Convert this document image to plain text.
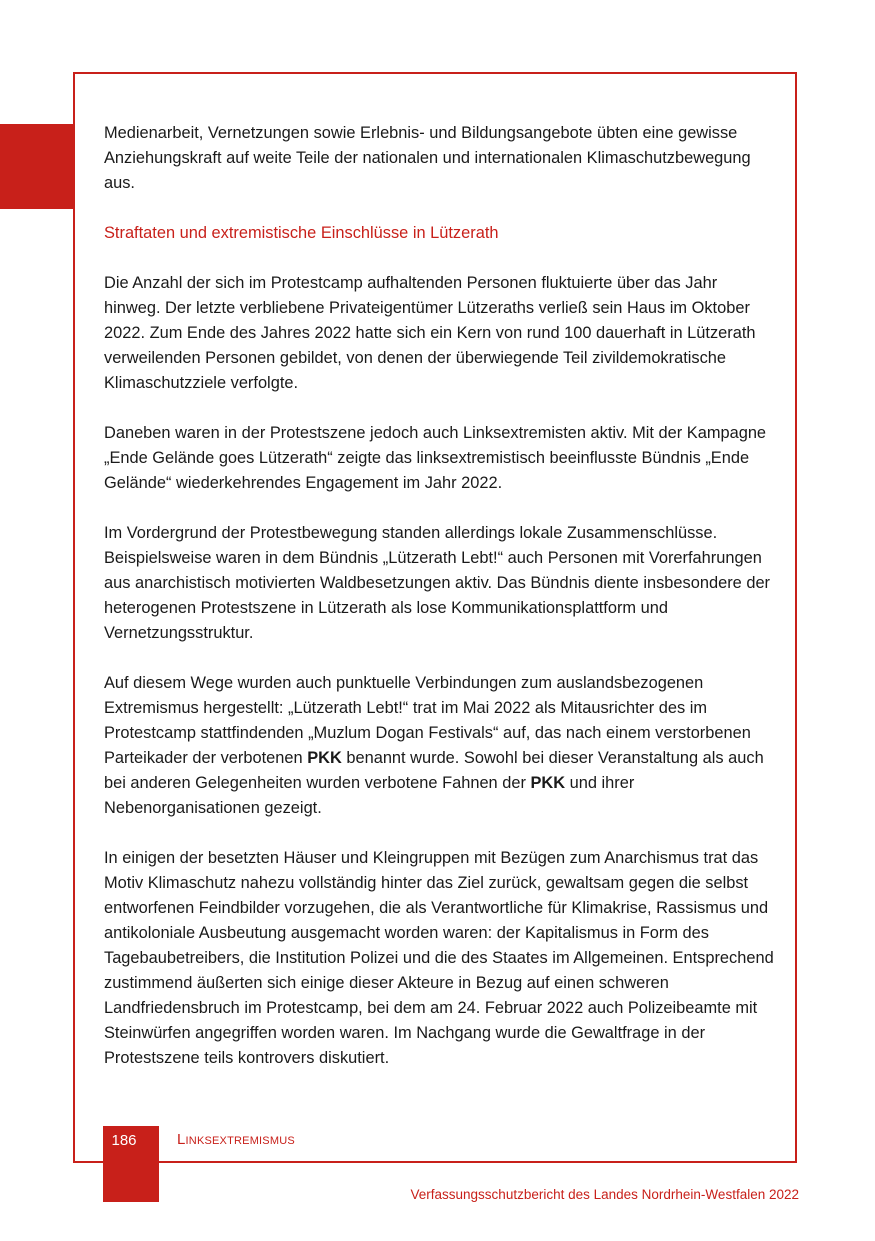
Medienarbeit, Vernetzungen sowie Erlebnis- und Bildungsangebote übten eine gewisse Anziehungskraft auf weite Teile der nationalen und internationalen Klimaschutzbewegung aus.

Straftaten und extremistische Einschlüsse in Lützerath

Die Anzahl der sich im Protestcamp aufhaltenden Personen fluktuierte über das Jahr hinweg. Der letzte verbliebene Privateigentümer Lützeraths verließ sein Haus im Oktober 2022. Zum Ende des Jahres 2022 hatte sich ein Kern von rund 100 dauerhaft in Lützerath verweilenden Personen gebildet, von denen der überwiegende Teil zivildemokratische Klimaschutzziele verfolgte.

Daneben waren in der Protestszene jedoch auch Linksextremisten aktiv. Mit der Kampagne „Ende Gelände goes Lützerath“ zeigte das linksextremistisch beeinflusste Bündnis „Ende Gelände“ wiederkehrendes Engagement im Jahr 2022.

Im Vordergrund der Protestbewegung standen allerdings lokale Zusammenschlüsse. Beispielsweise waren in dem Bündnis „Lützerath Lebt!“ auch Personen mit Vorerfahrungen aus anarchistisch motivierten Waldbesetzungen aktiv. Das Bündnis diente insbesondere der heterogenen Protestszene in Lützerath als lose Kommunikationsplattform und Vernetzungsstruktur.

Auf diesem Wege wurden auch punktuelle Verbindungen zum auslandsbezogenen Extremismus hergestellt: „Lützerath Lebt!“ trat im Mai 2022 als Mitausrichter des im Protestcamp stattfindenden „Muzlum Dogan Festivals“ auf, das nach einem verstorbenen Parteikader der verbotenen PKK benannt wurde. Sowohl bei dieser Veranstaltung als auch bei anderen Gelegenheiten wurden verbotene Fahnen der PKK und ihrer Nebenorganisationen gezeigt.

In einigen der besetzten Häuser und Kleingruppen mit Bezügen zum Anarchismus trat das Motiv Klimaschutz nahezu vollständig hinter das Ziel zurück, gewaltsam gegen die selbst entworfenen Feindbilder vorzugehen, die als Verantwortliche für Klimakrise, Rassismus und antikoloniale Ausbeutung ausgemacht worden waren: der Kapitalismus in Form des Tagebaubetreibers, die Institution Polizei und die des Staates im Allgemeinen. Entsprechend zustimmend äußerten sich einige dieser Akteure in Bezug auf einen schweren Landfriedensbruch im Protestcamp, bei dem am 24. Februar 2022 auch Polizeibeamte mit Steinwürfen angegriffen worden waren. Im Nachgang wurde die Gewaltfrage in der Protestszene teils kontrovers diskutiert.

186	Linksextremismus
Verfassungsschutzbericht des Landes Nordrhein-Westfalen 2022
